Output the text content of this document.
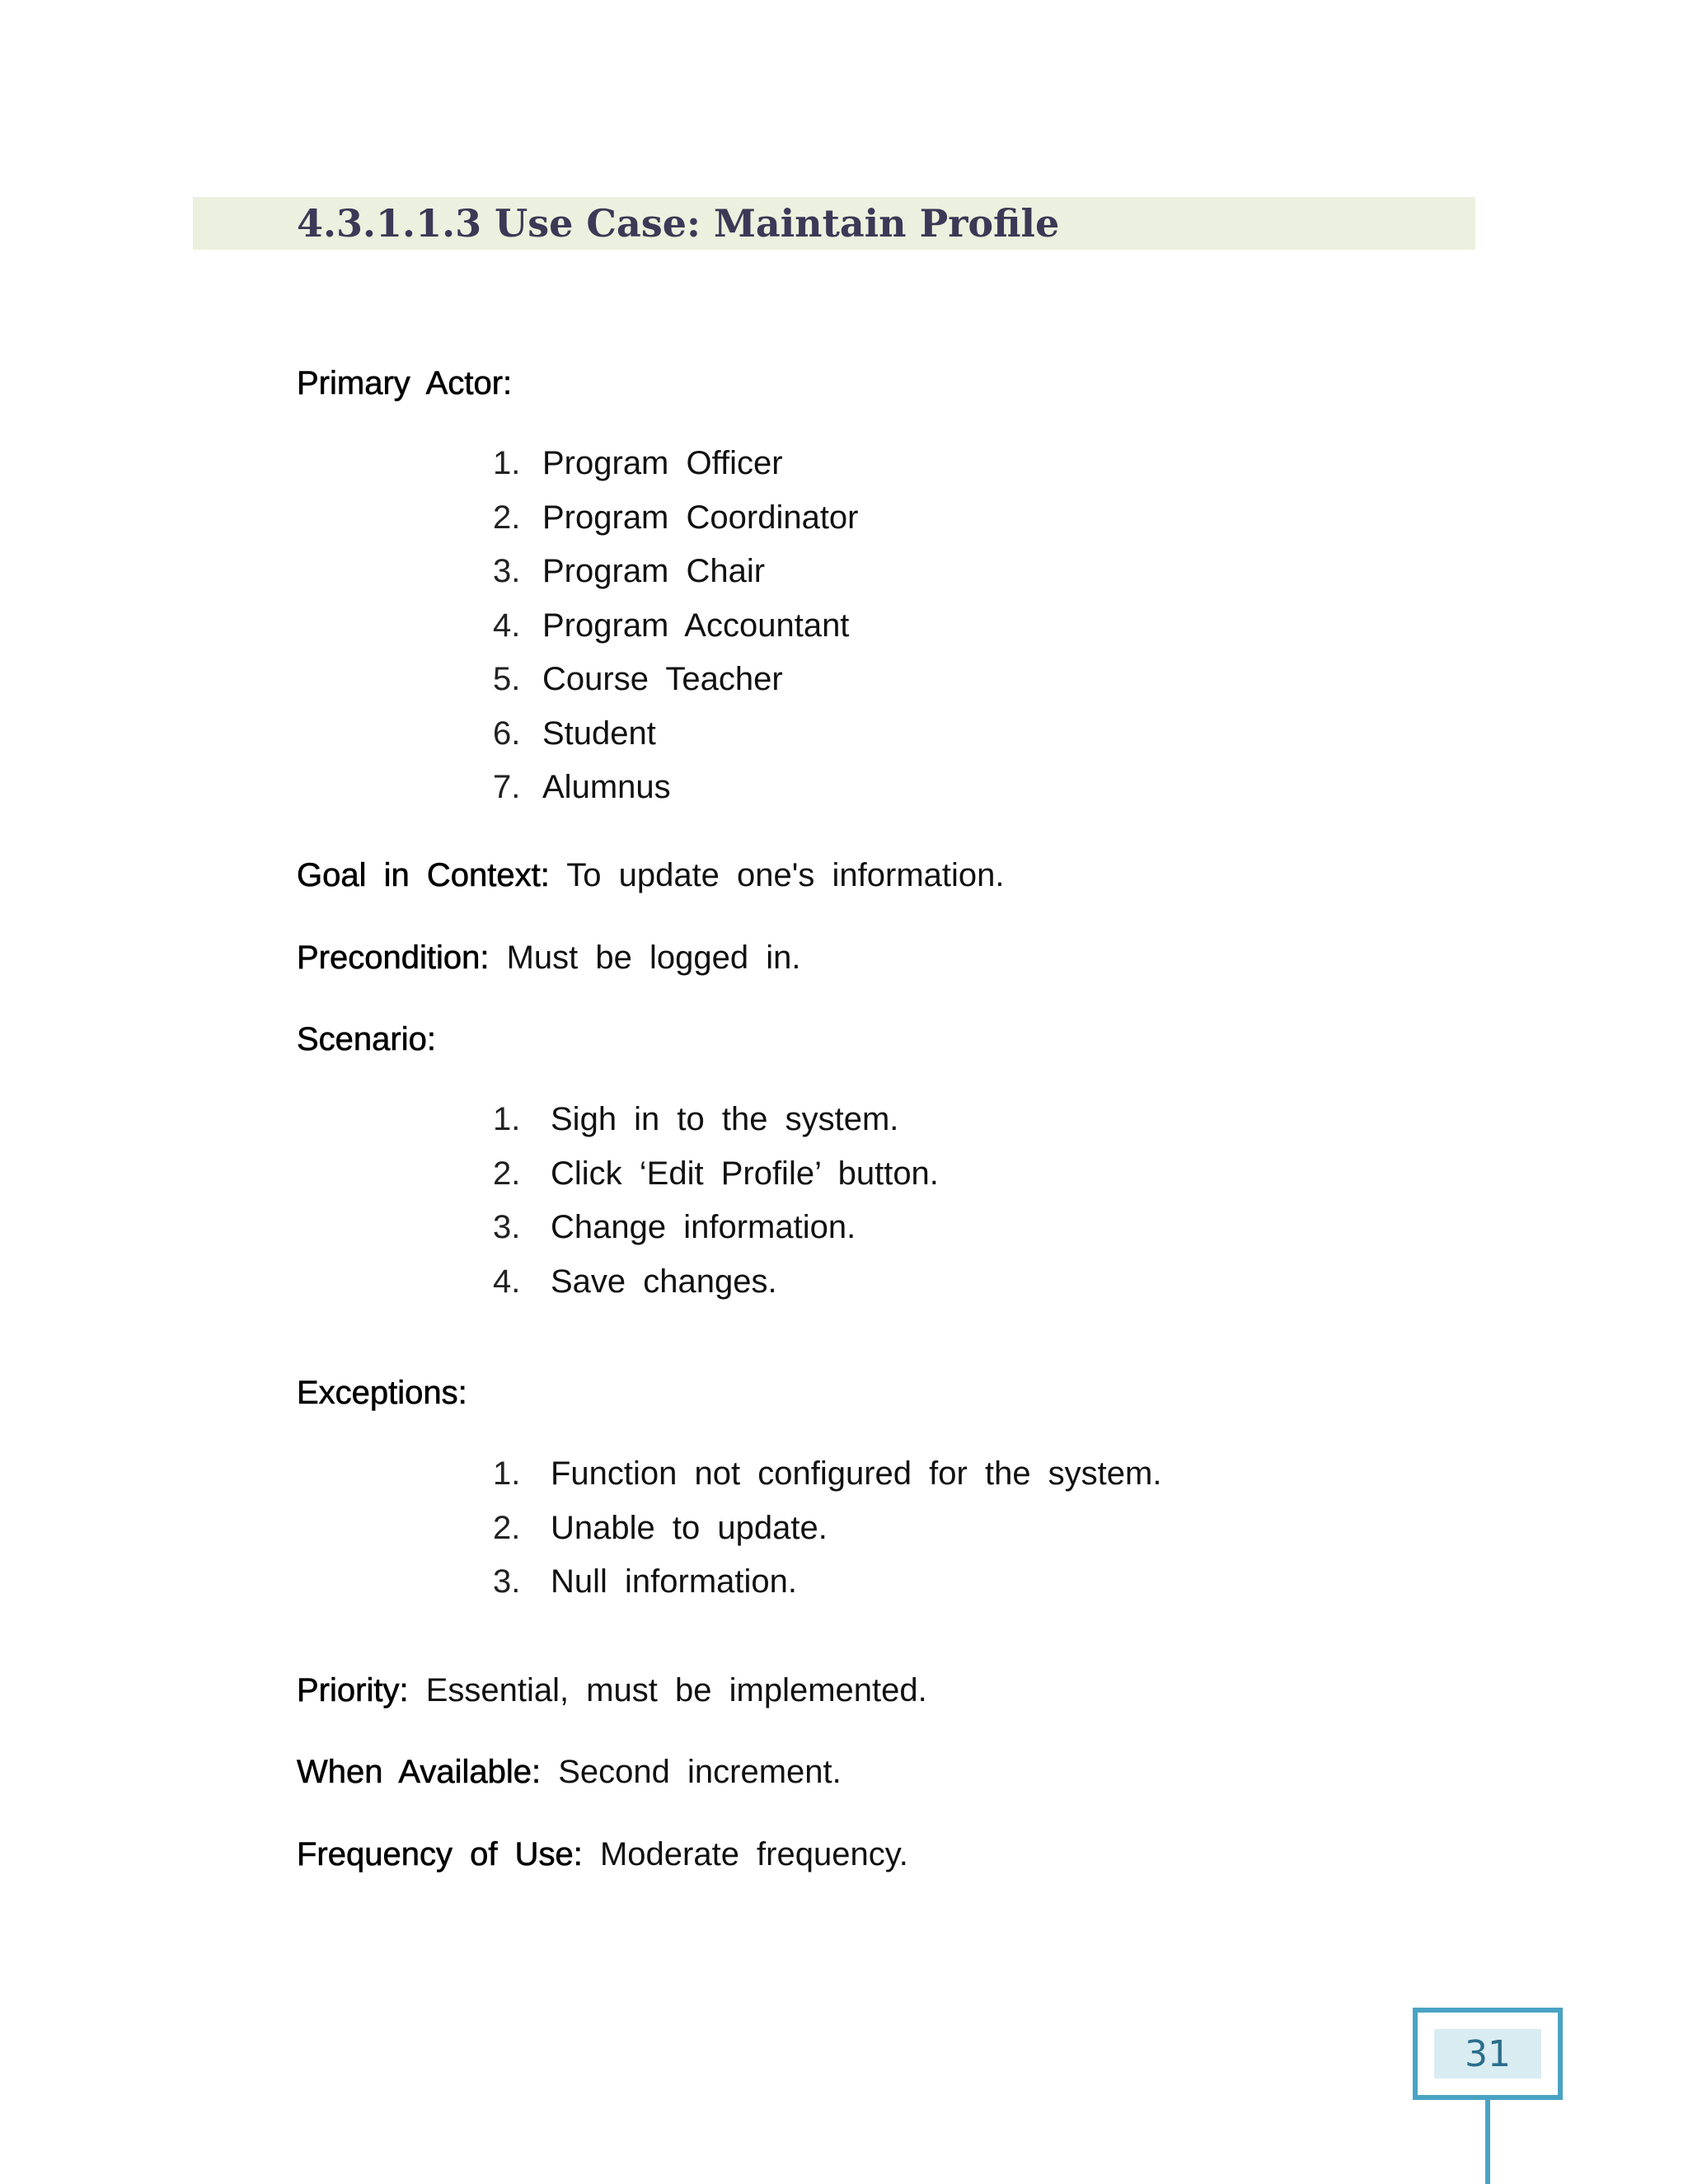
4.3.1.1.3 Use Case: Maintain Profile
Primary Actor:
1. Program Officer
2. Program Coordinator
3. Program Chair
4. Program Accountant
5. Course Teacher
6. Student
7. Alumnus
Goal in Context: To update one's information.
Precondition: Must be logged in.
Scenario:
1. Sigh in to the system.
2. Click ‘Edit Profile’ button.
3. Change information.
4. Save changes.
Exceptions:
1. Function not configured for the system.
2. Unable to update.
3. Null information.
Priority: Essential, must be implemented.
When Available: Second increment.
Frequency of Use: Moderate frequency.
31
